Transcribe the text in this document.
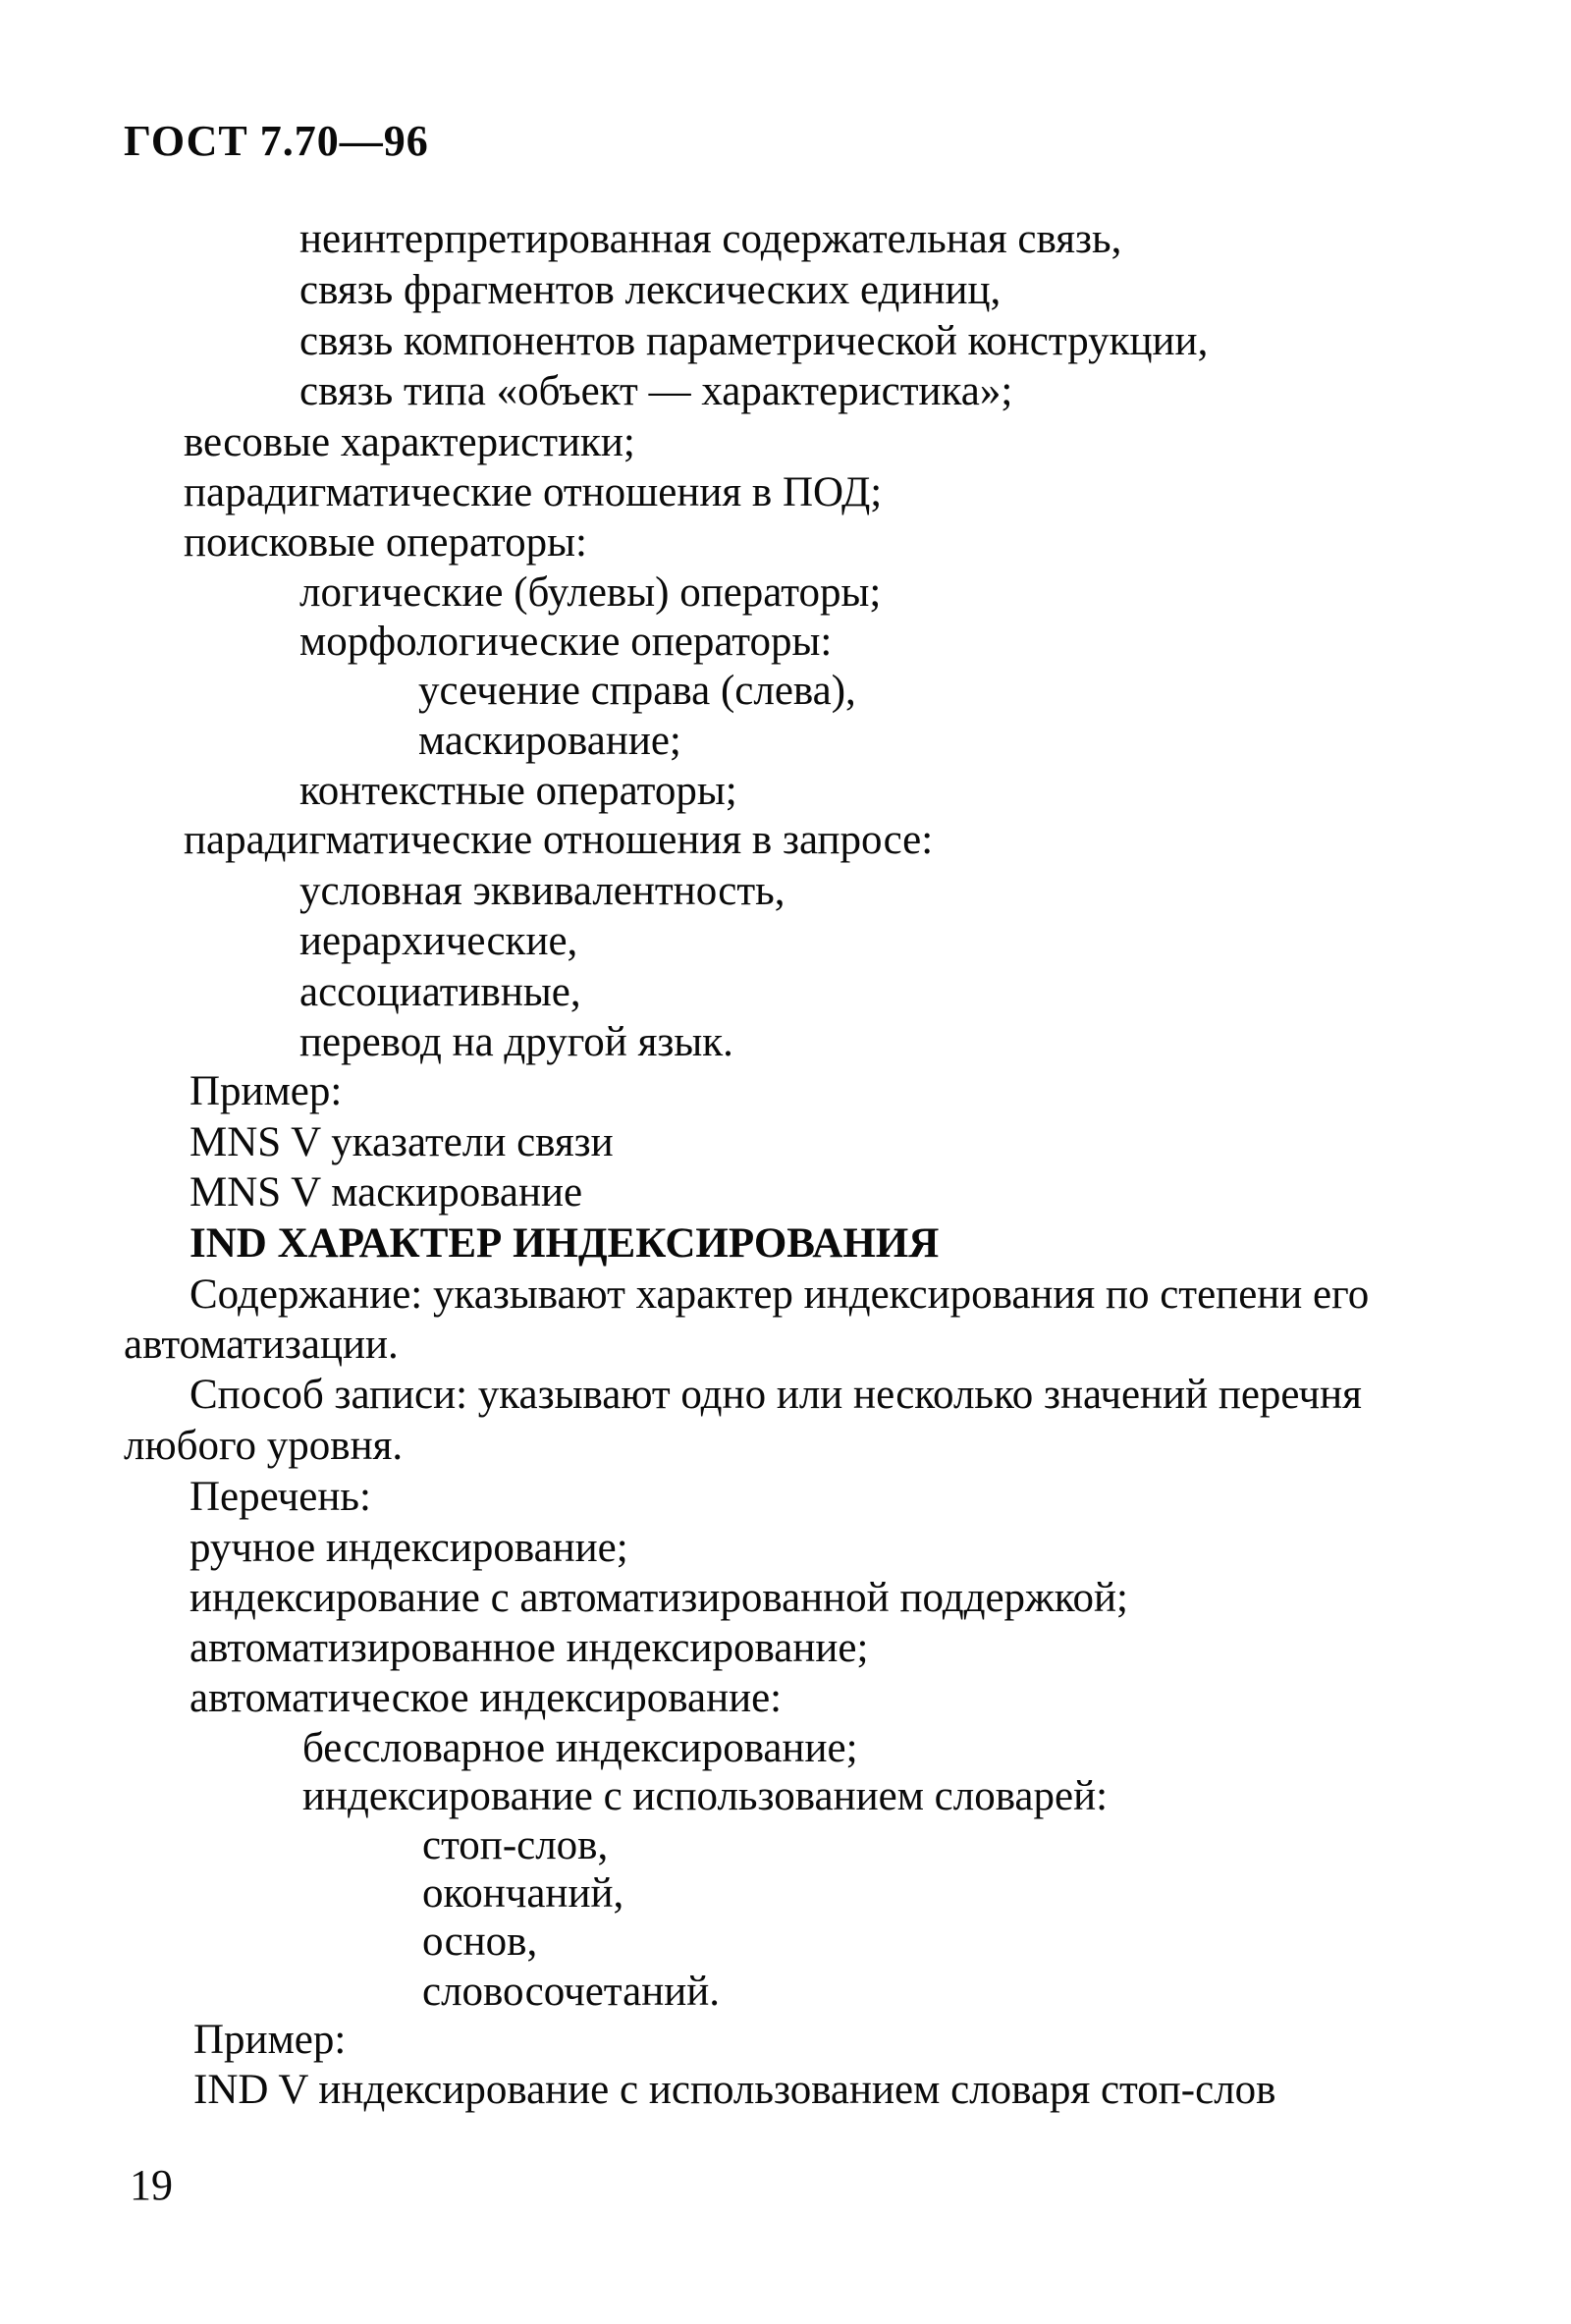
ГОСТ 7.70—96

неинтерпретированная содержательная связь,

связь фрагментов лексических единиц,

связь компонентов параметрической конструкции,

связь типа «объект — характеристика»;

весовые характеристики;

парадигматические отношения в ПОД;

поисковые операторы:

логические (булевы) операторы;

морфологические операторы:

усечение справа (слева),

маскирование;

контекстные операторы;

парадигматические отношения в запросе:

условная эквивалентность,

иерархические,

ассоциативные,

перевод на другой язык.

Пример:

MNS V указатели связи

MNS V маскирование

IND ХАРАКТЕР ИНДЕКСИРОВАНИЯ

Содержание: указывают характер индексирования по степени его

автоматизации.

Способ записи: указывают одно или несколько значений перечня

любого уровня.

Перечень:

ручное индексирование;

индексирование с автоматизированной поддержкой;

автоматизированное индексирование;

автоматическое индексирование:

бессловарное индексирование;

индексирование с использованием словарей:

стоп-слов,

окончаний,

основ,

словосочетаний.

Пример:

IND V индексирование с использованием словаря стоп-слов

19
